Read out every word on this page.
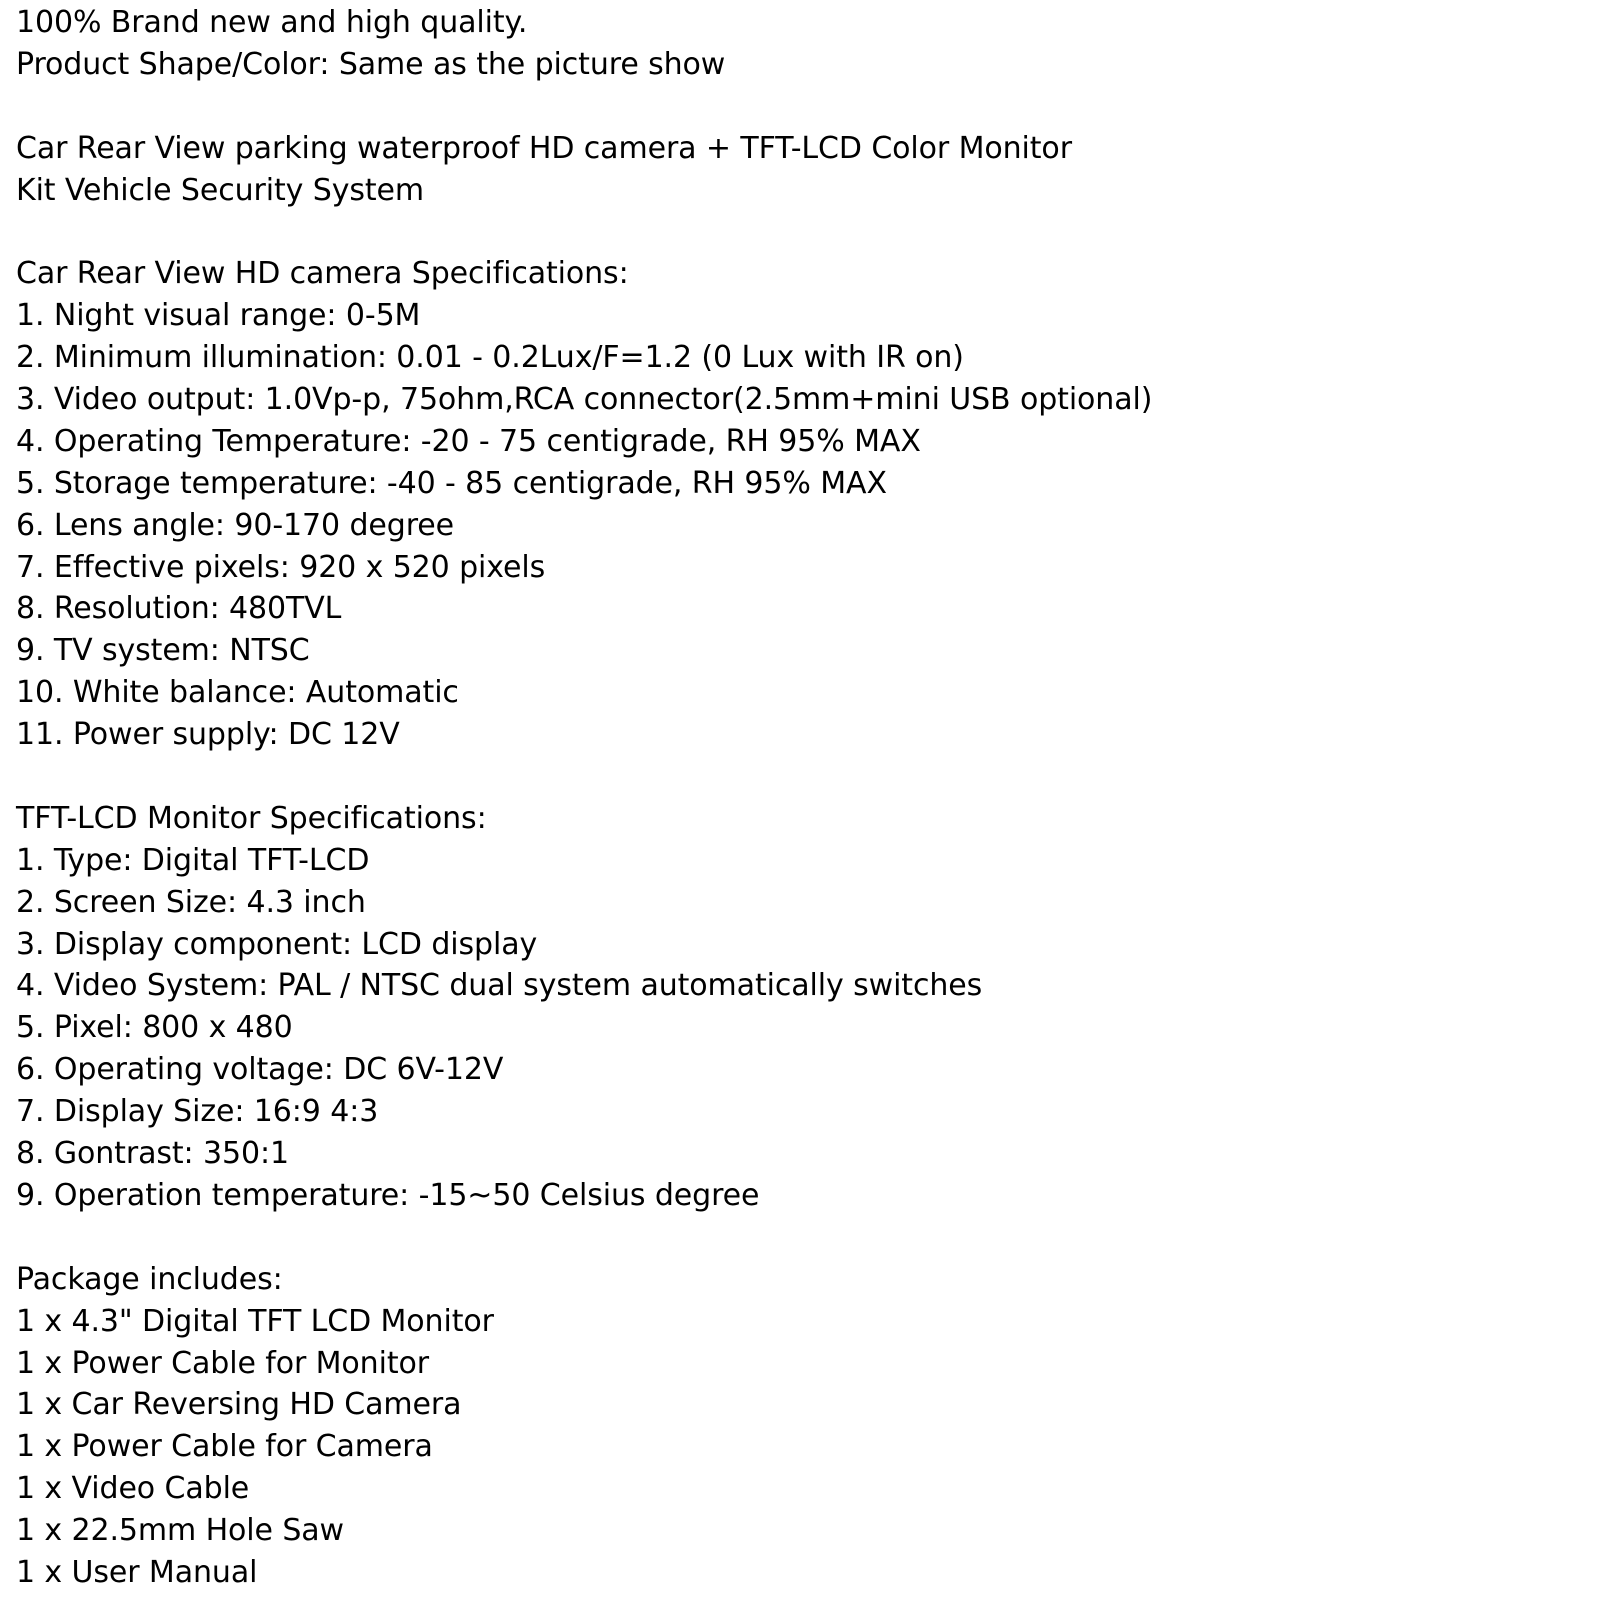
100% Brand new and high quality.
Product Shape/Color: Same as the picture show
Car Rear View parking waterproof HD camera + TFT-LCD Color Monitor
Kit Vehicle Security System
Car Rear View HD camera Specifications:
1. Night visual range: 0-5M
2. Minimum illumination: 0.01 - 0.2Lux/F=1.2 (0 Lux with IR on)
3. Video output: 1.0Vp-p, 75ohm,RCA connector(2.5mm+mini USB optional)
4. Operating Temperature: -20 - 75 centigrade, RH 95% MAX
5. Storage temperature: -40 - 85 centigrade, RH 95% MAX
6. Lens angle: 90-170 degree
7. Effective pixels: 920 x 520 pixels
8. Resolution: 480TVL
9. TV system: NTSC
10. White balance: Automatic
11. Power supply: DC 12V
TFT-LCD Monitor Specifications:
1. Type: Digital TFT-LCD
2. Screen Size: 4.3 inch
3. Display component: LCD display
4. Video System: PAL / NTSC dual system automatically switches
5. Pixel: 800 x 480
6. Operating voltage: DC 6V-12V
7. Display Size: 16:9 4:3
8. Gontrast: 350:1
9. Operation temperature: -15~50 Celsius degree
Package includes:
1 x 4.3" Digital TFT LCD Monitor
1 x Power Cable for Monitor
1 x Car Reversing HD Camera
1 x Power Cable for Camera
1 x Video Cable
1 x 22.5mm Hole Saw
1 x User Manual
